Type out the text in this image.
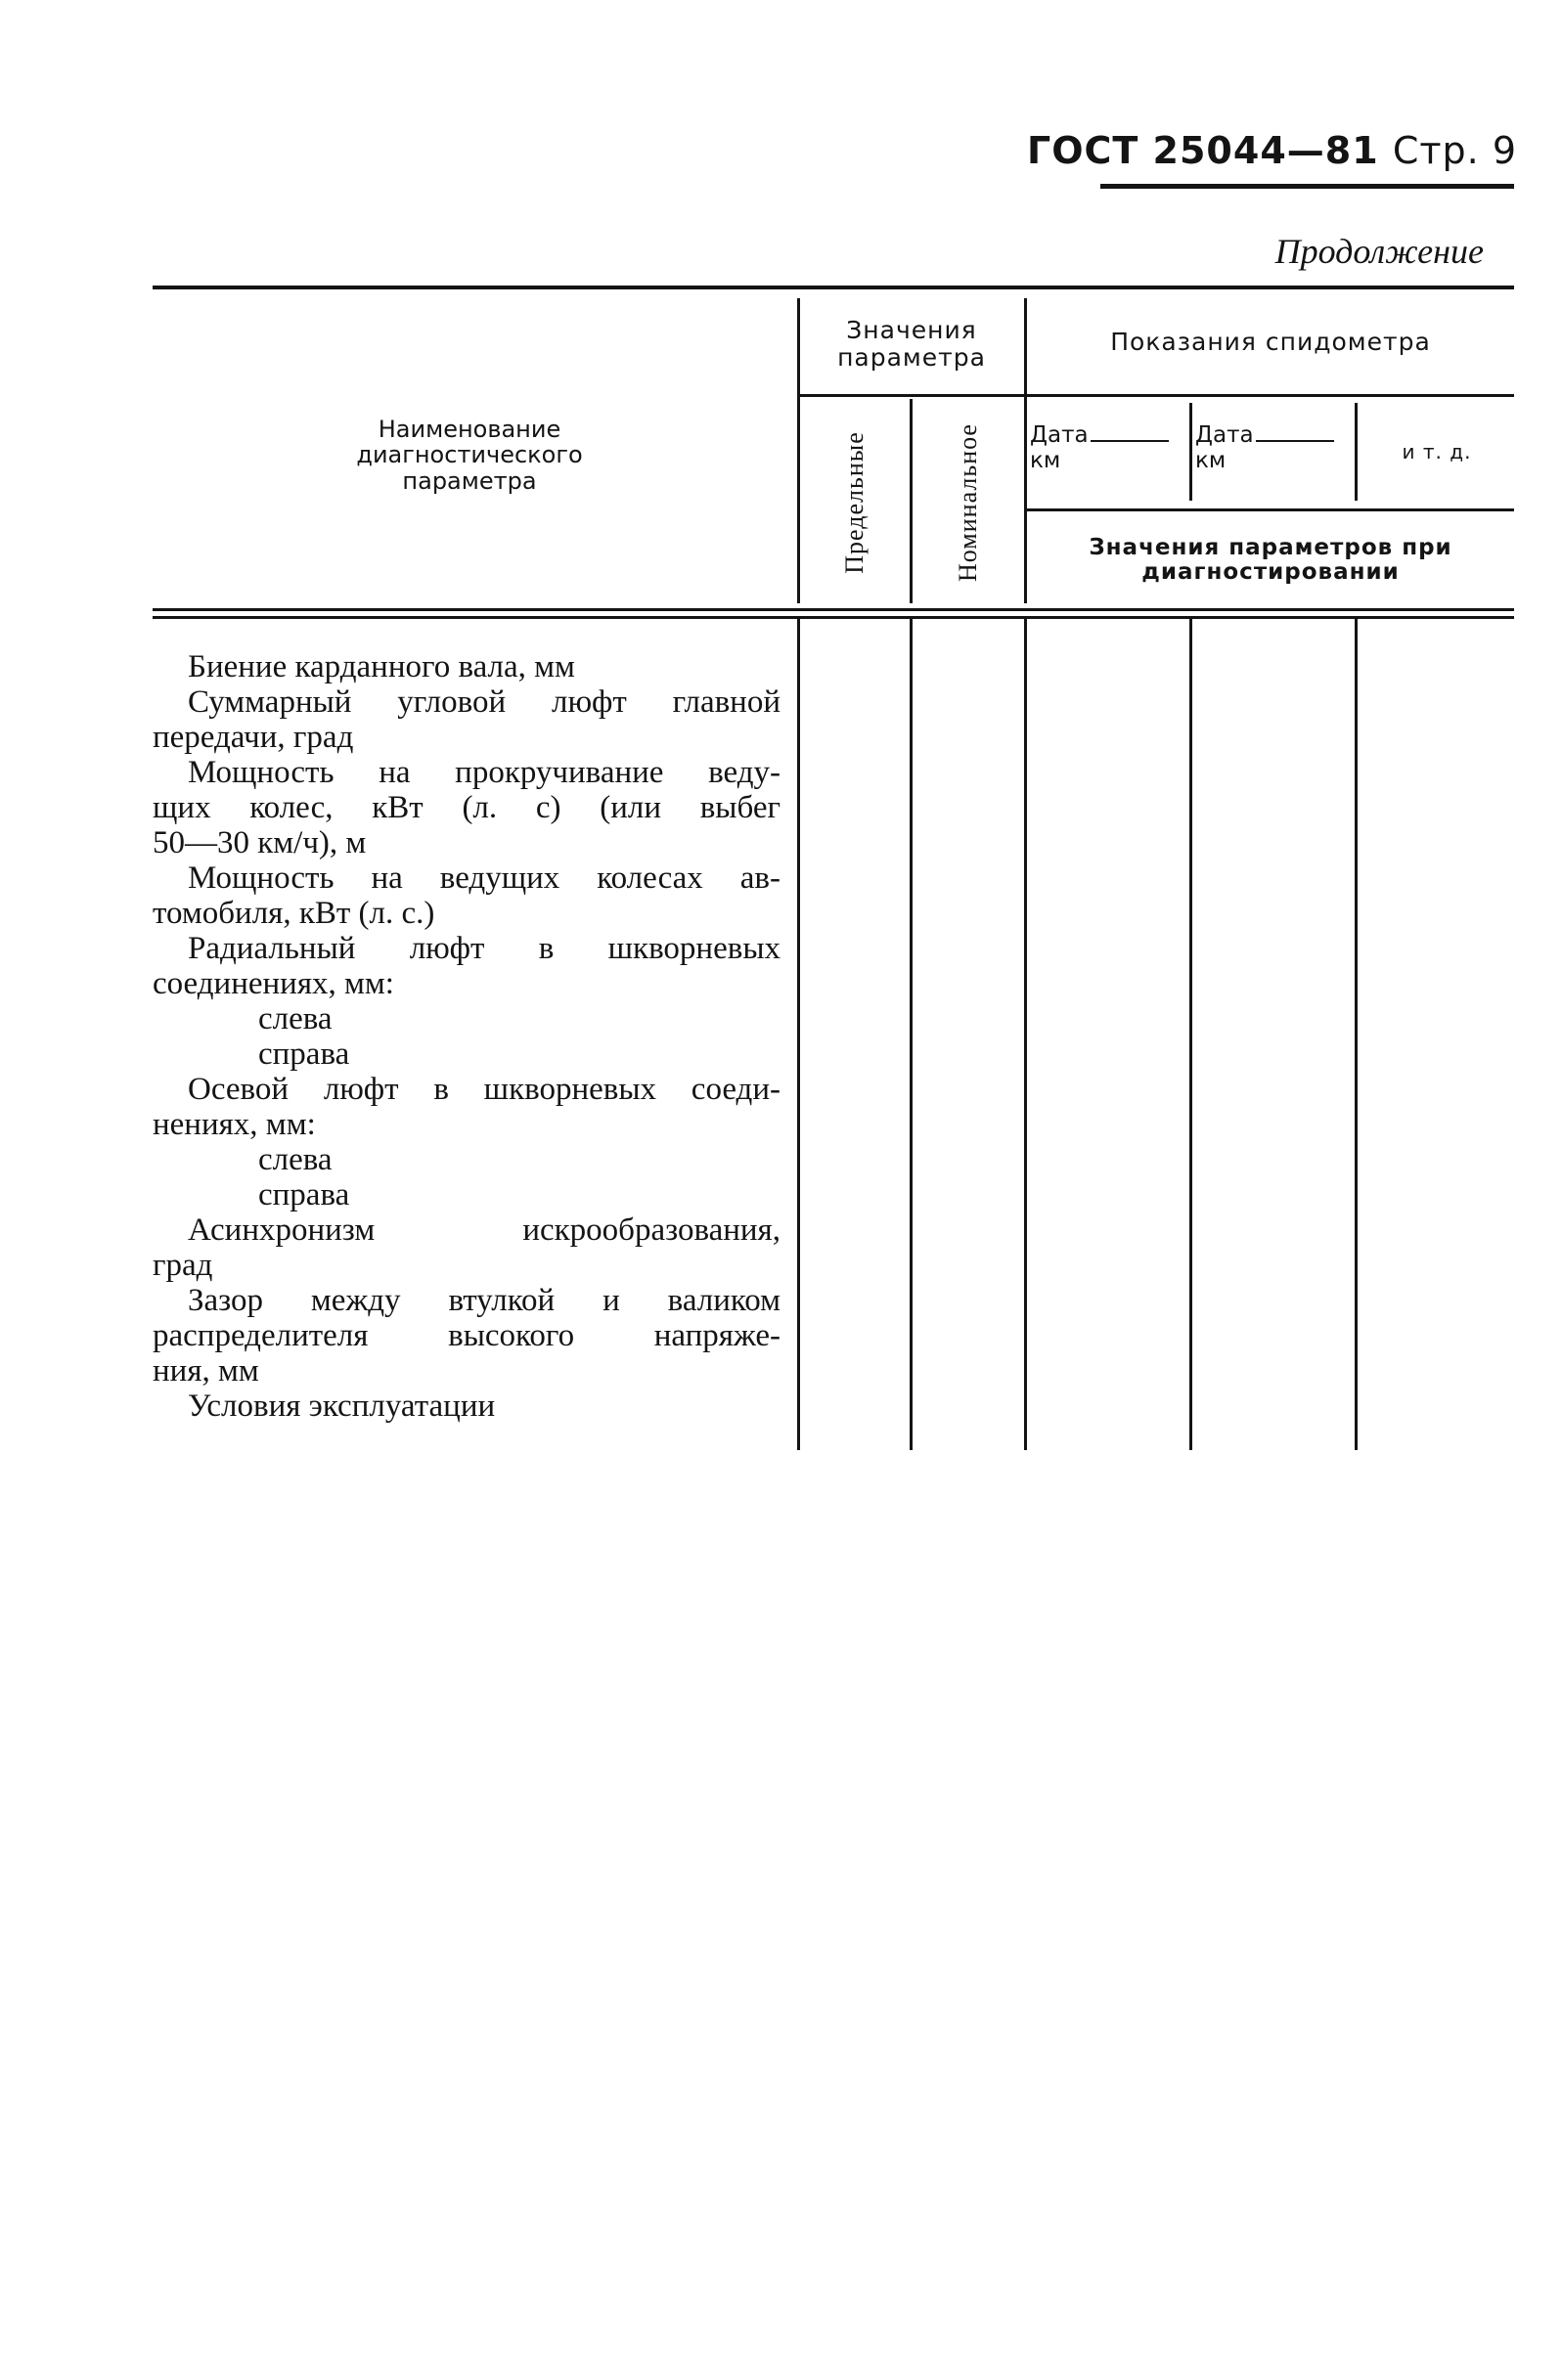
ГОСТ 25044—81 Стр. 9
Продолжение
Наименование
диагностического
параметра
Значения
параметра
Предельные	Номинальное
Показания спидометра
Дата
км
Дата
км	и т. д.
Значения параметров при
диагностировании
Биение карданного вала, мм
Суммарный угловой люфт главной
передачи, град
Мощность на прокручивание веду-
щих колес, кВт (л. с) (или выбег
50—30 км/ч), м
Мощность на ведущих колесах ав-
томобиля, кВт (л. с.)
Радиальный люфт в шкворневых
соединениях, мм:
слева
справа
Осевой люфт в шкворневых соеди-
нениях, мм:
слева
справа
Асинхронизм искрообразования,
град
Зазор между втулкой и валиком
распределителя высокого напряже-
ния, мм
Условия эксплуатации
